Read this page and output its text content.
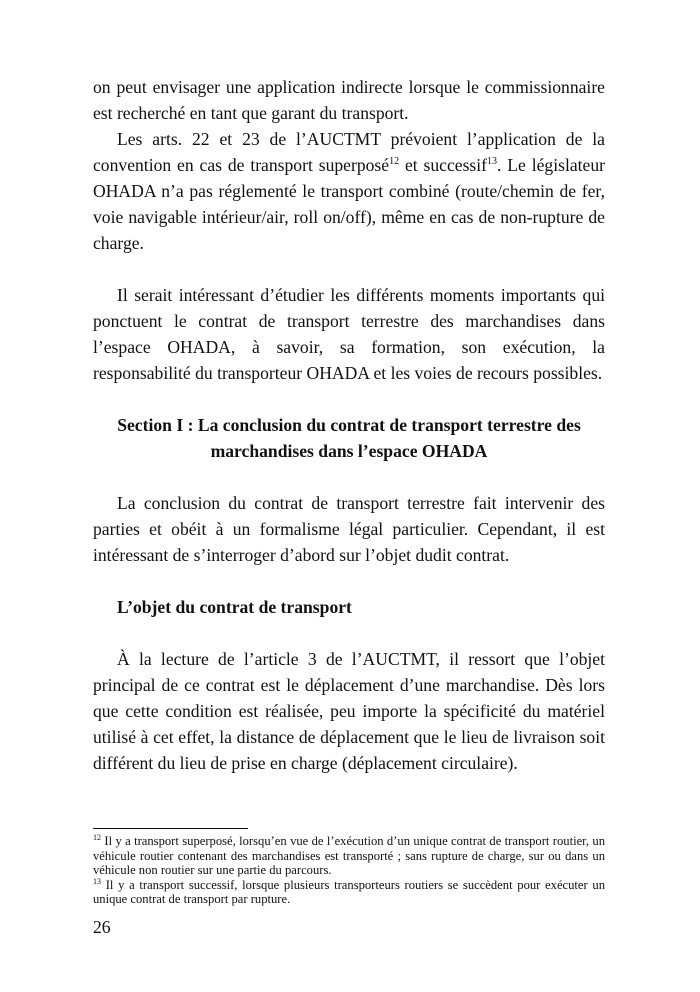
on peut envisager une application indirecte lorsque le commissionnaire est recherché en tant que garant du transport.

Les arts. 22 et 23 de l’AUCTMT prévoient l’application de la convention en cas de transport superposé$^{12}$ et successif$^{13}$. Le législateur OHADA n’a pas réglementé le transport combiné (route/chemin de fer, voie navigable intérieur/air, roll on/off), même en cas de non-rupture de charge.

Il serait intéressant d’étudier les différents moments importants qui ponctuent le contrat de transport terrestre des marchandises dans l’espace OHADA, à savoir, sa formation, son exécution, la responsabilité du transporteur OHADA et les voies de recours possibles.

Section I : La conclusion du contrat de transport terrestre des marchandises dans l’espace OHADA

La conclusion du contrat de transport terrestre fait intervenir des parties et obéit à un formalisme légal particulier. Cependant, il est intéressant de s’interroger d’abord sur l’objet dudit contrat.

L’objet du contrat de transport

À la lecture de l’article 3 de l’AUCTMT, il ressort que l’objet principal de ce contrat est le déplacement d’une marchandise. Dès lors que cette condition est réalisée, peu importe la spécificité du matériel utilisé à cet effet, la distance de déplacement que le lieu de livraison soit différent du lieu de prise en charge (déplacement circulaire).

$^{12}$ Il y a transport superposé, lorsqu’en vue de l’exécution d’un unique contrat de transport routier, un véhicule routier contenant des marchandises est transporté ; sans rupture de charge, sur ou dans un véhicule non routier sur une partie du parcours.

$^{13}$ Il y a transport successif, lorsque plusieurs transporteurs routiers se succèdent pour exécuter un unique contrat de transport par rupture.

26
